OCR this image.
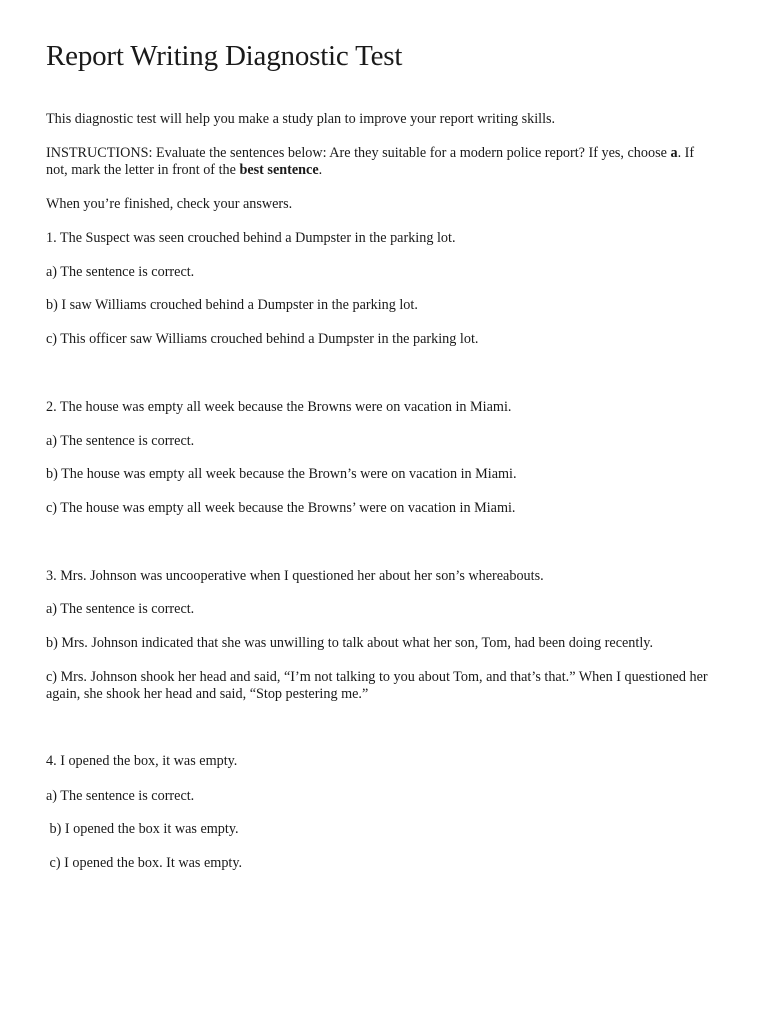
Report Writing Diagnostic Test

This diagnostic test will help you make a study plan to improve your report writing skills.

INSTRUCTIONS: Evaluate the sentences below: Are they suitable for a modern police report? If yes, choose a. If not, mark the letter in front of the best sentence.

When you’re finished, check your answers.

1. The Suspect was seen crouched behind a Dumpster in the parking lot.

a) The sentence is correct.

b) I saw Williams crouched behind a Dumpster in the parking lot.

c) This officer saw Williams crouched behind a Dumpster in the parking lot.

2. The house was empty all week because the Browns were on vacation in Miami.

a) The sentence is correct.

b) The house was empty all week because the Brown’s were on vacation in Miami.

c) The house was empty all week because the Browns’ were on vacation in Miami.

3. Mrs. Johnson was uncooperative when I questioned her about her son’s whereabouts.

a) The sentence is correct.

b) Mrs. Johnson indicated that she was unwilling to talk about what her son, Tom, had been doing recently.

c) Mrs. Johnson shook her head and said, “I’m not talking to you about Tom, and that’s that.” When I questioned her again, she shook her head and said, “Stop pestering me.”

4. I opened the box, it was empty.

a) The sentence is correct.

b) I opened the box it was empty.

c) I opened the box. It was empty.
